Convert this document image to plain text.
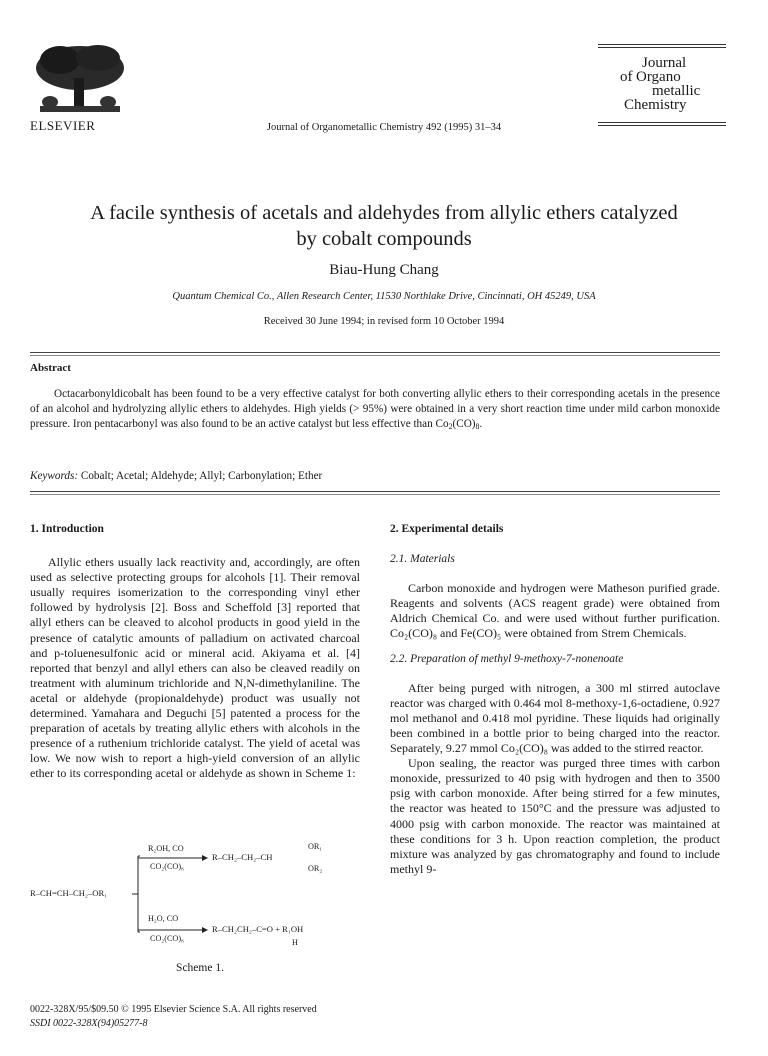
ELSEVIER	Journal of Organometallic Chemistry 492 (1995) 31–34
Journal
of Organo
metallic
Chemistry
A facile synthesis of acetals and aldehydes from allylic ethers catalyzed
by cobalt compounds
Biau-Hung Chang
Quantum Chemical Co., Allen Research Center, 11530 Northlake Drive, Cincinnati, OH 45249, USA
Received 30 June 1994; in revised form 10 October 1994
Abstract
Octacarbonyldicobalt has been found to be a very effective catalyst for both converting allylic ethers to their corresponding acetals in the presence of an alcohol and hydrolyzing allylic ethers to aldehydes. High yields (> 95%) were obtained in a very short reaction time under mild carbon monoxide pressure. Iron pentacarbonyl was also found to be an active catalyst but less effective than $Co_2(CO)_8$.
Keywords: Cobalt; Acetal; Aldehyde; Allyl; Carbonylation; Ether
1. Introduction

Allylic ethers usually lack reactivity and, accordingly, are often used as selective protecting groups for alcohols [1]. Their removal usually requires isomerization to the corresponding vinyl ether followed by hydrolysis [2]. Boss and Scheffold [3] reported that allyl ethers can be cleaved to alcohol products in good yield in the presence of catalytic amounts of palladium on activated charcoal and p-toluenesulfonic acid or mineral acid. Akiyama et al. [4] reported that benzyl and allyl ethers can also be cleaved readily on treatment with aluminum trichloride and N,N-dimethylaniline. The acetal or aldehyde (propionaldehyde) product was usually not determined. Yamahara and Deguchi [5] patented a process for the preparation of acetals by treating allylic ethers with alcohols in the presence of a ruthenium trichloride catalyst. The yield of acetal was low. We now wish to report a high-yield conversion of an allylic ether to its corresponding acetal or aldehyde as shown in Scheme 1:

R₂OH, CO
CO₂(CO)₈
R–CH₂–CH₂–CH
OR₁
OR₂
R–CH=CH–CH₂–OR₁
H₂O, CO
CO₂(CO)₈
R–CH₂CH₂–C=O + R₁OH
H
Scheme 1.
2. Experimental details
2.1. Materials

Carbon monoxide and hydrogen were Matheson purified grade. Reagents and solvents (ACS reagent grade) were obtained from Aldrich Chemical Co. and were used without further purification. Co₂(CO)₈ and Fe(CO)₅ were obtained from Strem Chemicals.

2.2. Preparation of methyl 9-methoxy-7-nonenoate

After being purged with nitrogen, a 300 ml stirred autoclave reactor was charged with 0.464 mol 8-methoxy-1,6-octadiene, 0.927 mol methanol and 0.418 mol pyridine. These liquids had originally been combined in a bottle prior to being charged into the reactor. Separately, 9.27 mmol Co₂(CO)₈ was added to the stirred reactor.

Upon sealing, the reactor was purged three times with carbon monoxide, pressurized to 40 psig with hydrogen and then to 3500 psig with carbon monoxide. After being stirred for a few minutes, the reactor was heated to 150°C and the pressure was adjusted to 4000 psig with carbon monoxide. The reactor was maintained at these conditions for 3 h. Upon reaction completion, the product mixture was analyzed by gas chromatography and found to include methyl 9-

0022-328X/95/$09.50 © 1995 Elsevier Science S.A. All rights reserved
SSDI 0022-328X(94)05277-8
